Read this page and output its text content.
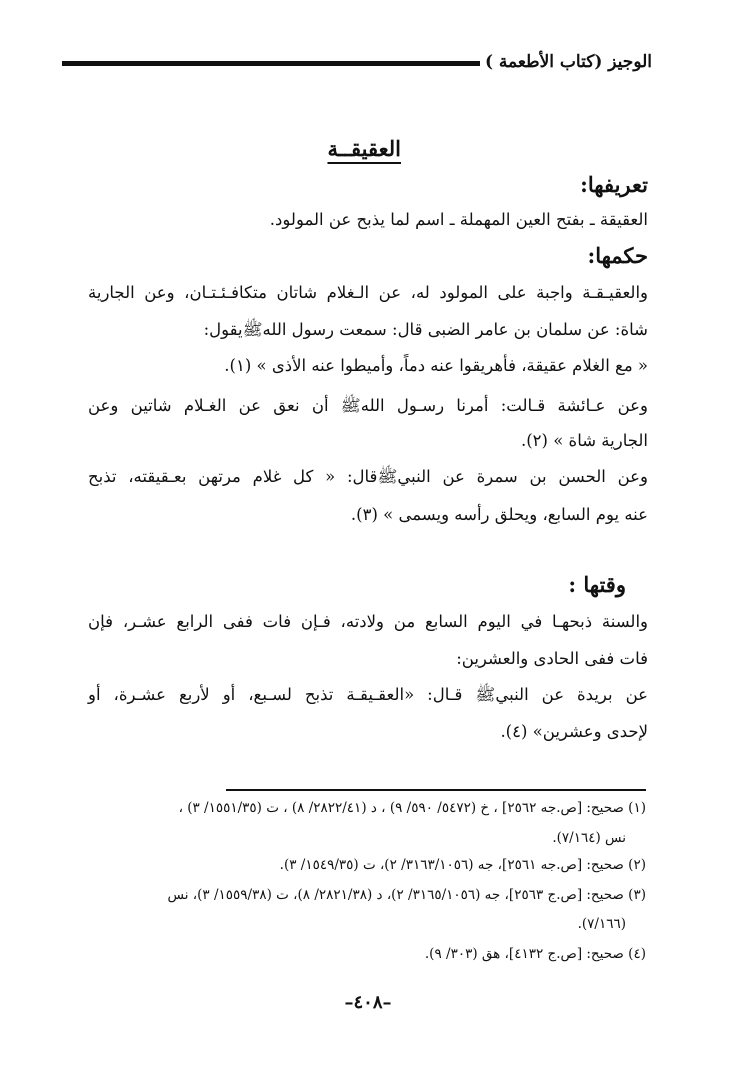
الوجيز (كتاب الأطعمة )
العقيقــة
تعريفها:
العقيقة ـ بفتح العين المهملة ـ اسم لما يذبح عن المولود.
حكمها:
والعقيـقـة واجبة على المولود له، عن الـغلام شاتان متكافـئـتـان، وعن الجارية
شاة: عن سلمان بن عامر الضبى قال: سمعت رسول اللهﷺيقول:
« مع الغلام عقيقة، فأهريقوا عنه دماً، وأميطوا عنه الأذى » (١).
وعن عـائشة قـالت: أمرنا رسـول اللهﷺ أن نعق عن الغـلام شاتين وعن
الجارية شاة » (٢).
وعن الحسن بن سمرة عن النبيﷺقال: « كل غلام مرتهن بعـقيقته، تذبح
عنه يوم السابع، ويحلق رأسه ويسمى » (٣).
وقتها :
والسنة ذبحهـا في اليوم السابع من ولادته، فـإن فات ففى الرابع عشـر، فإن
فات ففى الحادى والعشرين:
عن بريدة عن النبيﷺ قـال: «العقـيقـة تذبح لسـبع، أو لأربع عشـرة، أو
لإحدى وعشرين» (٤).
(١) صحيح: [ص.جه ٢٥٦٢] ، خ (٥٤٧٢/ ٥٩٠/ ٩) ، د (٢٨٢٢/٤١/ ٨) ، ت (١٥٥١/٣٥/ ٣) ،
نس (٧/١٦٤).
(٢) صحيح: [ص.جه ٢٥٦١]، جه (٣١٦٣/١٠٥٦/ ٢)، ت (١٥٤٩/٣٥/ ٣).
(٣) صحيح: [ص.ج ٢٥٦٣]، جه (٣١٦٥/١٠٥٦/ ٢)، د (٢٨٢١/٣٨/ ٨)، ت (١٥٥٩/٣٨/ ٣)، نس
(٧/١٦٦).
(٤) صحيح: [ص.ج ٤١٣٢]، هق (٣٠٣/ ٩).
–٤٠٨–
